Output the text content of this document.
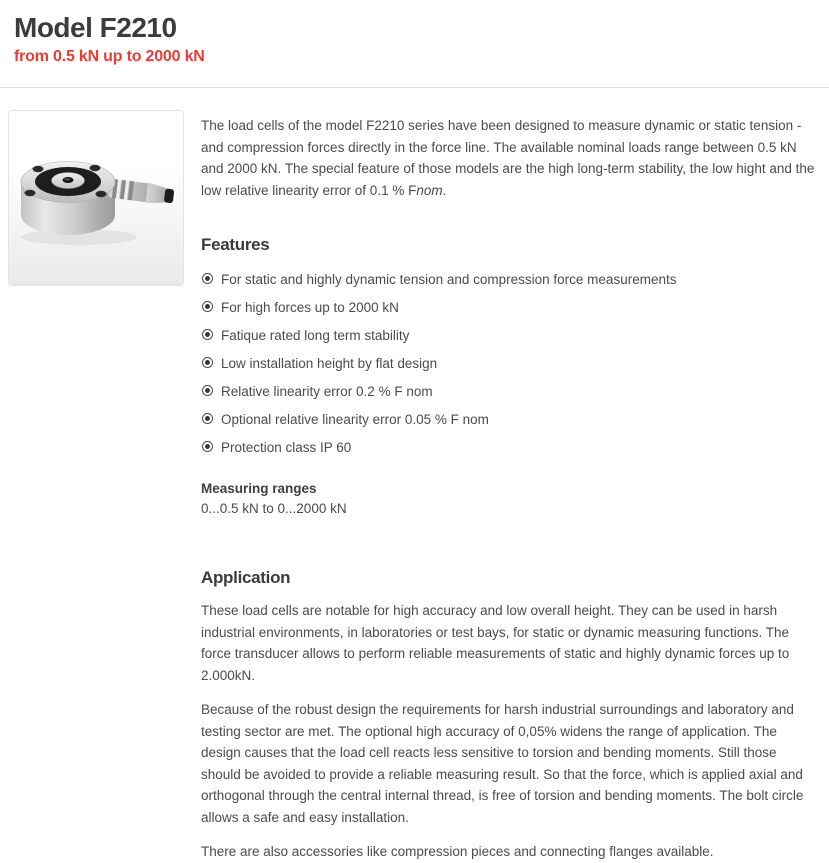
Model F2210
from 0.5 kN up to 2000 kN

The load cells of the model F2210 series have been designed to measure dynamic or static tension - and compression forces directly in the force line. The available nominal loads range between 0.5 kN and 2000 kN. The special feature of those models are the high long-term stability, the low hight and the low relative linearity error of 0.1 % Fnom.

Features
For static and highly dynamic tension and compression force measurements
For high forces up to 2000 kN
Fatique rated long term stability
Low installation height by flat design
Relative linearity error 0.2 % F nom
Optional relative linearity error 0.05 % F nom
Protection class IP 60

Measuring ranges

0...0.5 kN to 0...2000 kN

Application

These load cells are notable for high accuracy and low overall height. They can be used in harsh industrial environments, in laboratories or test bays, for static or dynamic measuring functions. The force transducer allows to perform reliable measurements of static and highly dynamic forces up to 2.000kN.

Because of the robust design the requirements for harsh industrial surroundings and laboratory and testing sector are met. The optional high accuracy of 0,05% widens the range of application. The design causes that the load cell reacts less sensitive to torsion and bending moments. Still those should be avoided to provide a reliable measuring result. So that the force, which is applied axial and orthogonal through the central internal thread, is free of torsion and bending moments. The bolt circle allows a safe and easy installation.

There are also accessories like compression pieces and connecting flanges available.
